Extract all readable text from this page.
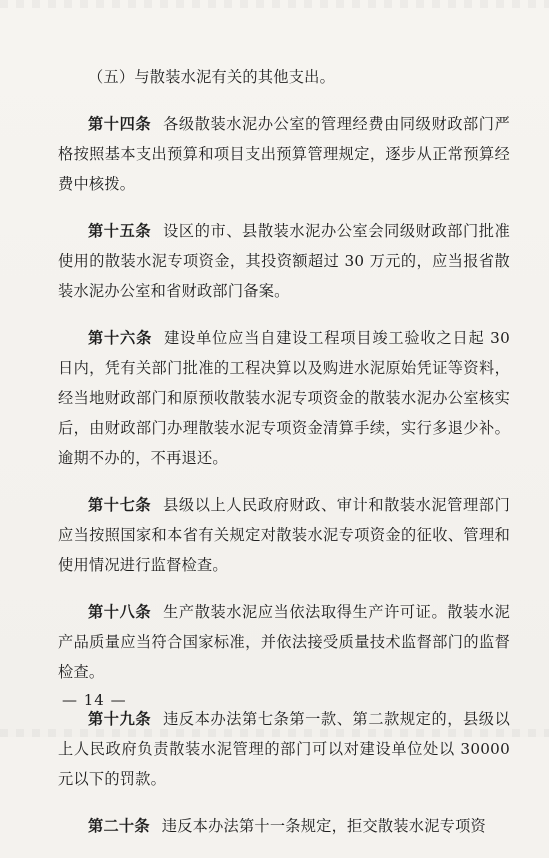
（五）与散装水泥有关的其他支出。

第十四条 各级散装水泥办公室的管理经费由同级财政部门严格按照基本支出预算和项目支出预算管理规定，逐步从正常预算经费中核拨。

第十五条 设区的市、县散装水泥办公室会同级财政部门批准使用的散装水泥专项资金，其投资额超过 30 万元的，应当报省散装水泥办公室和省财政部门备案。

第十六条 建设单位应当自建设工程项目竣工验收之日起 30 日内，凭有关部门批准的工程决算以及购进水泥原始凭证等资料，经当地财政部门和原预收散装水泥专项资金的散装水泥办公室核实后，由财政部门办理散装水泥专项资金清算手续，实行多退少补。逾期不办的，不再退还。

第十七条 县级以上人民政府财政、审计和散装水泥管理部门应当按照国家和本省有关规定对散装水泥专项资金的征收、管理和使用情况进行监督检查。

第十八条 生产散装水泥应当依法取得生产许可证。散装水泥产品质量应当符合国家标准，并依法接受质量技术监督部门的监督检查。

第十九条 违反本办法第七条第一款、第二款规定的，县级以上人民政府负责散装水泥管理的部门可以对建设单位处以 30000 元以下的罚款。

第二十条 违反本办法第十一条规定，拒交散装水泥专项资

— 14 —
